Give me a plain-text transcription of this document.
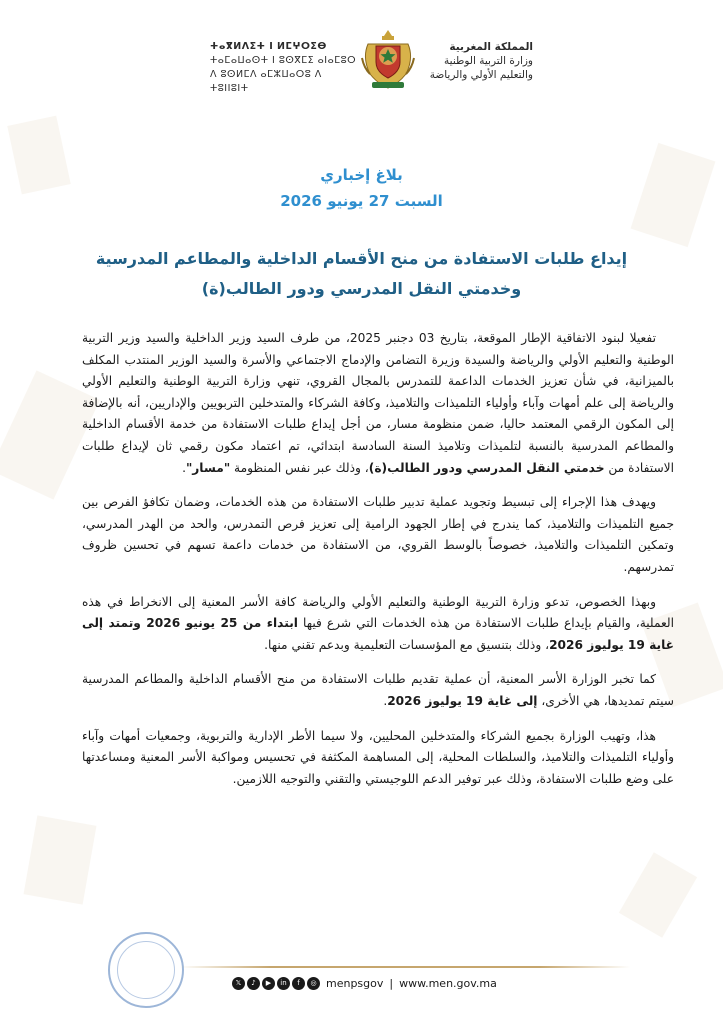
ⵜⴰⴳⵍⴷⵉⵜ ⵏ ⵍⵎⵖⵔⵉⴱ
ⵜⴰⵎⴰⵡⴰⵙⵜ ⵏ ⵓⵙⴳⵎⵉ ⴰⵏⴰⵎⵓⵔ
ⴷ ⵓⵙⵍⵎⴷ ⴰⵎⵣⵡⴰⵔⵓ ⴷ ⵜⵓⵏⵏⵓⵏⵜ
المملكة المغربية
وزارة التربية الوطنية
والتعليم الأولي والرياضة
بلاغ إخباري
السبت 27 يونيو 2026
إيداع طلبات الاستفادة من منح الأقسام الداخلية والمطاعم المدرسية
وخدمتي النقل المدرسي ودور الطالب(ة)

تفعيلا لبنود الاتفاقية الإطار الموقعة، بتاريخ 03 دجنبر 2025، من طرف السيد وزير الداخلية والسيد وزير التربية الوطنية والتعليم الأولي والرياضة والسيدة وزيرة التضامن والإدماج الاجتماعي والأسرة والسيد الوزير المنتدب المكلف بالميزانية، في شأن تعزيز الخدمات الداعمة للتمدرس بالمجال القروي، تنهي وزارة التربية الوطنية والتعليم الأولي والرياضة إلى علم أمهات وآباء وأولياء التلميذات والتلاميذ، وكافة الشركاء والمتدخلين التربويين والإداريين، أنه بالإضافة إلى المكون الرقمي المعتمد حاليا، ضمن منظومة مسار، من أجل إيداع طلبات الاستفادة من خدمة الأقسام الداخلية والمطاعم المدرسية بالنسبة لتلميذات وتلاميذ السنة السادسة ابتدائي، تم اعتماد مكون رقمي ثان لإيداع طلبات الاستفادة من خدمتي النقل المدرسي ودور الطالب(ة)، وذلك عبر نفس المنظومة "مسار".

ويهدف هذا الإجراء إلى تبسيط وتجويد عملية تدبير طلبات الاستفادة من هذه الخدمات، وضمان تكافؤ الفرص بين جميع التلميذات والتلاميذ، كما يندرج في إطار الجهود الرامية إلى تعزيز فرص التمدرس، والحد من الهدر المدرسي، وتمكين التلميذات والتلاميذ، خصوصاً بالوسط القروي، من الاستفادة من خدمات داعمة تسهم في تحسين ظروف تمدرسهم.

وبهذا الخصوص، تدعو وزارة التربية الوطنية والتعليم الأولي والرياضة كافة الأسر المعنية إلى الانخراط في هذه العملية، والقيام بإيداع طلبات الاستفادة من هذه الخدمات التي شرع فيها ابتداء من 25 يونيو 2026 وتمتد إلى غاية 19 يوليوز 2026، وذلك بتنسيق مع المؤسسات التعليمية وبدعم تقني منها.

كما تخبر الوزارة الأسر المعنية، أن عملية تقديم طلبات الاستفادة من منح الأقسام الداخلية والمطاعم المدرسية سيتم تمديدها، هي الأخرى، إلى غاية 19 يوليوز 2026.

هذا، وتهيب الوزارة بجميع الشركاء والمتدخلين المحليين، ولا سيما الأطر الإدارية والتربوية، وجمعيات أمهات وآباء وأولياء التلميذات والتلاميذ، والسلطات المحلية، إلى المساهمة المكثفة في تحسيس ومواكبة الأسر المعنية ومساعدتها على وضع طلبات الاستفادة، وذلك عبر توفير الدعم اللوجيستي والتقني والتوجيه اللازمين.

𝕏	♪	▶	in	f	◎ menpsgov | www.men.gov.ma
